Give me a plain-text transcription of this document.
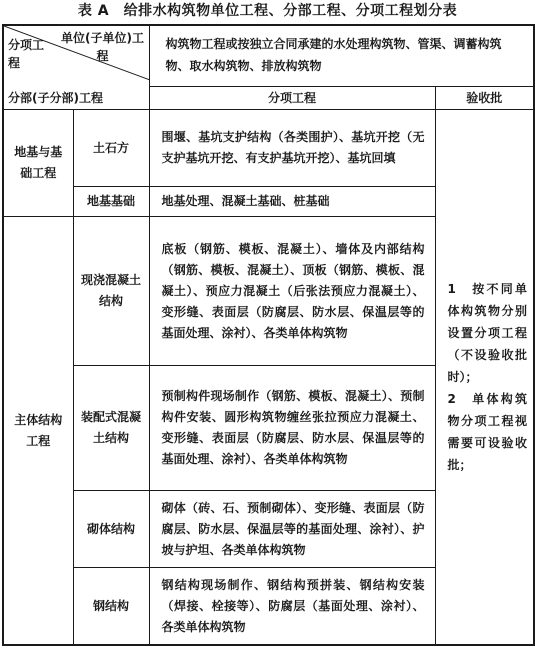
表 A　给排水构筑物单位工程、分部工程、分项工程划分表
单位(子单位)工程
分项工程
分部(子分部)工程		构筑物工程或按独立合同承建的水处理构筑物、管渠、调蓄构筑物、取水构筑物、排放构筑物	
		分项工程	验收批
地基与基础工程	土石方	围堰、基坑支护结构（各类围护）、基坑开挖（无支护基坑开挖、有支护基坑开挖）、基坑回填	1　按不同单体构筑物分别设置分项工程（不设验收批时）；

2　单体构筑物分项工程视需要可设验收批；

	地基基础	地基处理、混凝土基础、桩基础	
主体结构工程	现浇混凝土结构	底板（钢筋、模板、混凝土）、墙体及内部结构（钢筋、模板、混凝土）、顶板（钢筋、模板、混凝土）、预应力混凝土（后张法预应力混凝土）、变形缝、表面层（防腐层、防水层、保温层等的基面处理、涂衬）、各类单体构筑物	
	装配式混凝土结构	预制构件现场制作（钢筋、模板、混凝土）、预制构件安装、圆形构筑物缠丝张拉预应力混凝土、变形缝、表面层（防腐层、防水层、保温层等的基面处理、涂衬）、各类单体构筑物	
	砌体结构	砌体（砖、石、预制砌体）、变形缝、表面层（防腐层、防水层、保温层等的基面处理、涂衬）、护坡与护坦、各类单体构筑物	
	钢结构	钢结构现场制作、钢结构预拼装、钢结构安装（焊接、栓接等）、防腐层（基面处理、涂衬）、各类单体构筑物	
